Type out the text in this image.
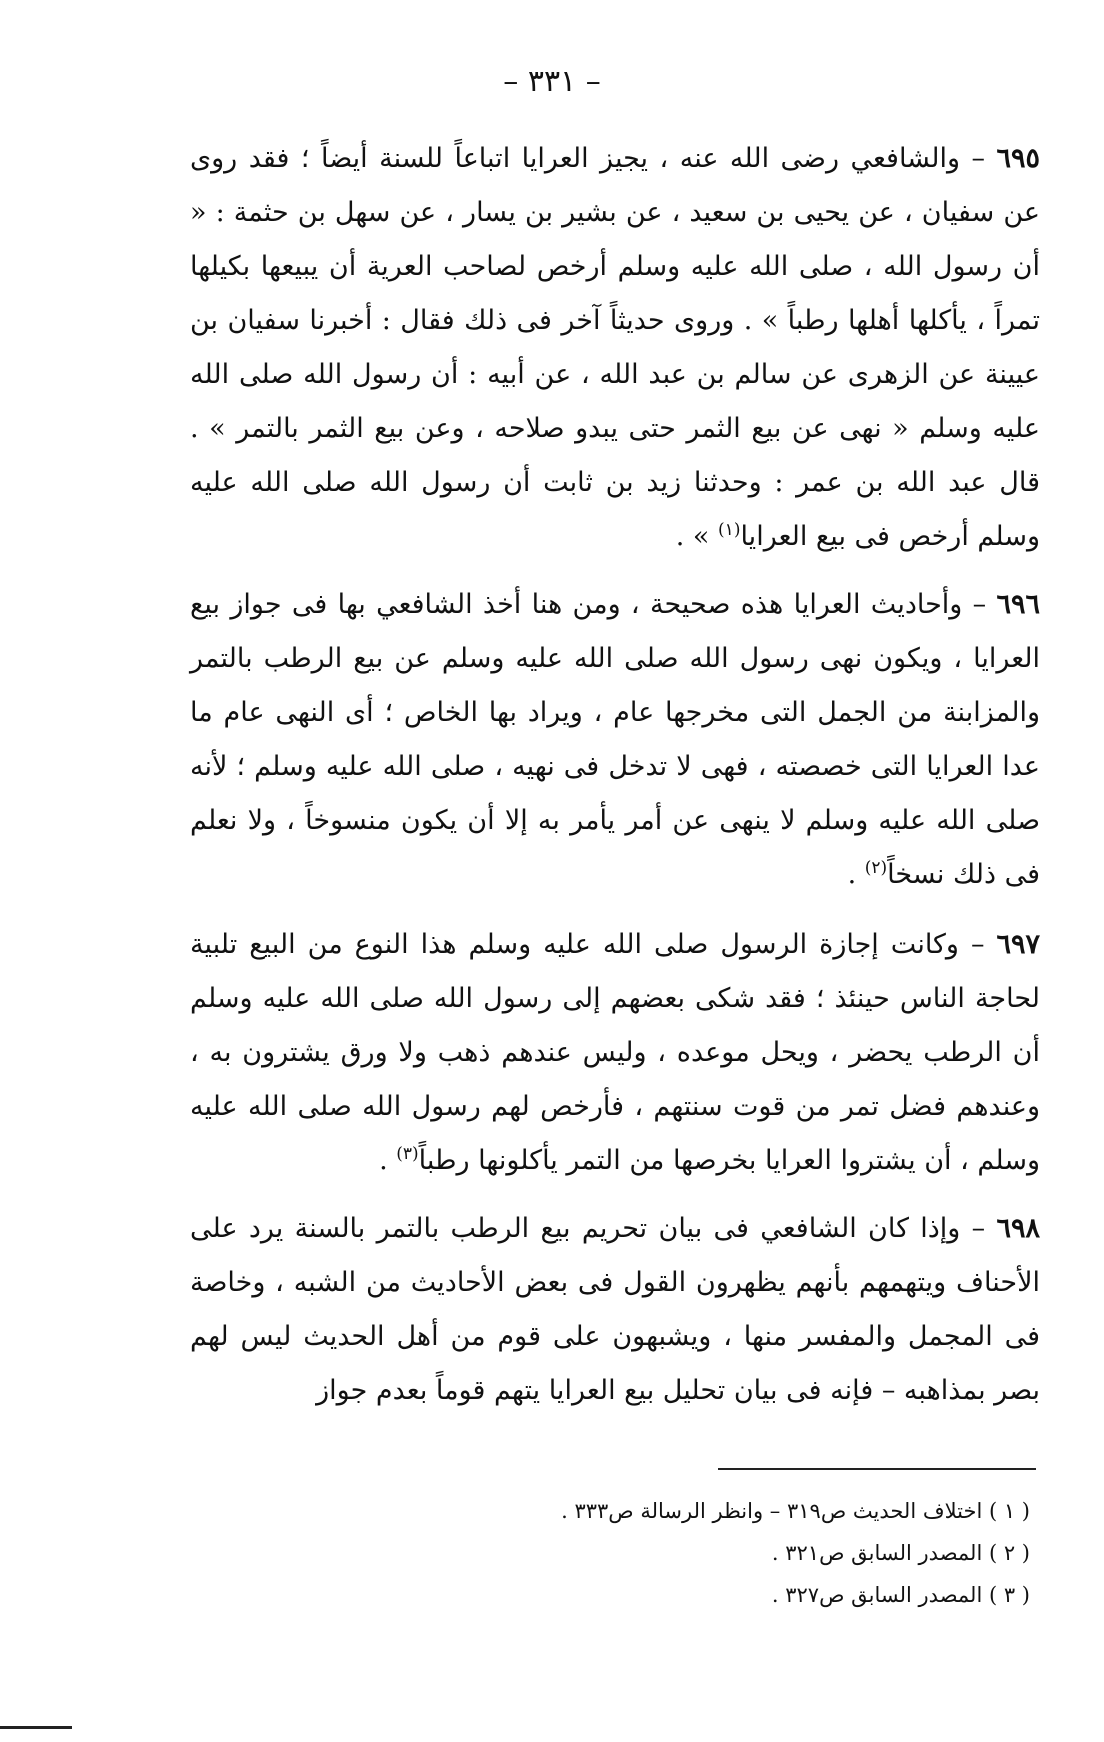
– ٣٣١ –

٦٩٥ – والشافعي رضى الله عنه ، يجيز العرايا اتباعاً للسنة أيضاً ؛ فقد روى عن سفيان ، عن يحيى بن سعيد ، عن بشير بن يسار ، عن سهل بن حثمة : « أن رسول الله ، صلى الله عليه وسلم أرخص لصاحب العرية أن يبيعها بكيلها تمراً ، يأكلها أهلها رطباً » . وروى حديثاً آخر فى ذلك فقال : أخبرنا سفيان بن عيينة عن الزهرى عن سالم بن عبد الله ، عن أبيه : أن رسول الله صلى الله عليه وسلم « نهى عن بيع الثمر حتى يبدو صلاحه ، وعن بيع الثمر بالتمر » . قال عبد الله بن عمر : وحدثنا زيد بن ثابت أن رسول الله صلى الله عليه وسلم أرخص فى بيع العرايا$^{(١)}$ » .

٦٩٦ – وأحاديث العرايا هذه صحيحة ، ومن هنا أخذ الشافعي بها فى جواز بيع العرايا ، ويكون نهى رسول الله صلى الله عليه وسلم عن بيع الرطب بالتمر والمزابنة من الجمل التى مخرجها عام ، ويراد بها الخاص ؛ أى النهى عام ما عدا العرايا التى خصصته ، فهى لا تدخل فى نهيه ، صلى الله عليه وسلم ؛ لأنه صلى الله عليه وسلم لا ينهى عن أمر يأمر به إلا أن يكون منسوخاً ، ولا نعلم فى ذلك نسخاً$^{(٢)}$ .

٦٩٧ – وكانت إجازة الرسول صلى الله عليه وسلم هذا النوع من البيع تلبية لحاجة الناس حينئذ ؛ فقد شكى بعضهم إلى رسول الله صلى الله عليه وسلم أن الرطب يحضر ، ويحل موعده ، وليس عندهم ذهب ولا ورق يشترون به ، وعندهم فضل تمر من قوت سنتهم ، فأرخص لهم رسول الله صلى الله عليه وسلم ، أن يشتروا العرايا بخرصها من التمر يأكلونها رطباً$^{(٣)}$ .

٦٩٨ – وإذا كان الشافعي فى بيان تحريم بيع الرطب بالتمر بالسنة يرد على الأحناف ويتهمهم بأنهم يظهرون القول فى بعض الأحاديث من الشبه ، وخاصة فى المجمل والمفسر منها ، ويشبهون على قوم من أهل الحديث ليس لهم بصر بمذاهبه – فإنه فى بيان تحليل بيع العرايا يتهم قوماً بعدم جواز

( ١ ) اختلاف الحديث ص٣١٩ – وانظر الرسالة ص٣٣٣ .
( ٢ ) المصدر السابق ص٣٢١ .
( ٣ ) المصدر السابق ص٣٢٧ .
